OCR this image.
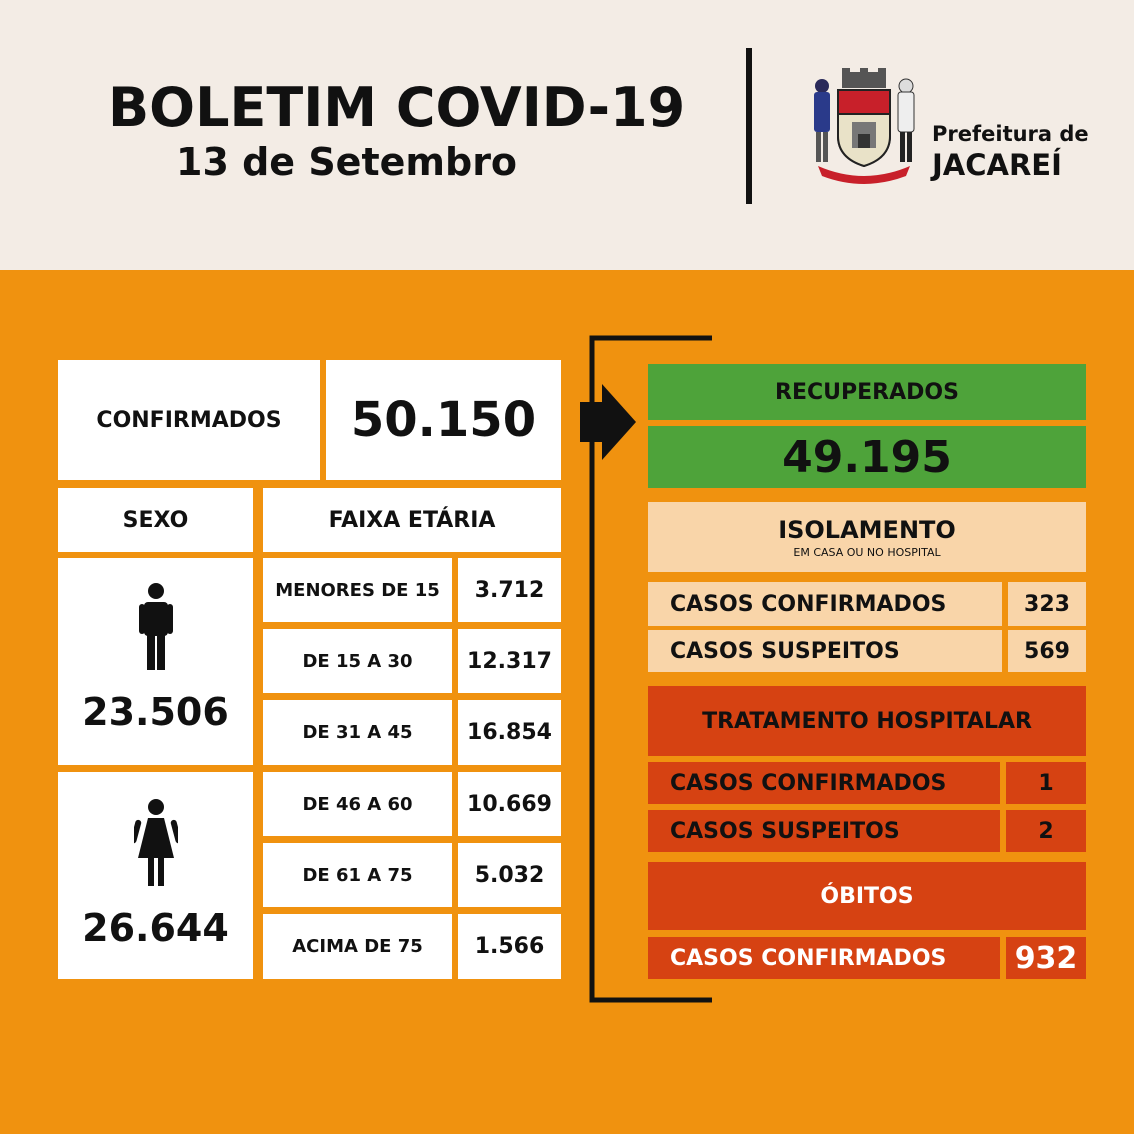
BOLETIM COVID-19
13 de Setembro
Prefeitura de
JACAREÍ
CONFIRMADOS 50.150
SEXO	FAIXA ETÁRIA
23.506
26.644
MENORES DE 15 3.712
DE 15 A 30 12.317
DE 31 A 45 16.854
DE 46 A 60 10.669
DE 61 A 75	5.032
ACIMA DE 75 1.566
RECUPERADOS
49.195
ISOLAMENTO
EM CASA OU NO HOSPITAL
CASOS CONFIRMADOS	323
CASOS SUSPEITOS	569
TRATAMENTO HOSPITALAR
CASOS CONFIRMADOS	1
CASOS SUSPEITOS	2
ÓBITOS
CASOS CONFIRMADOS 932
